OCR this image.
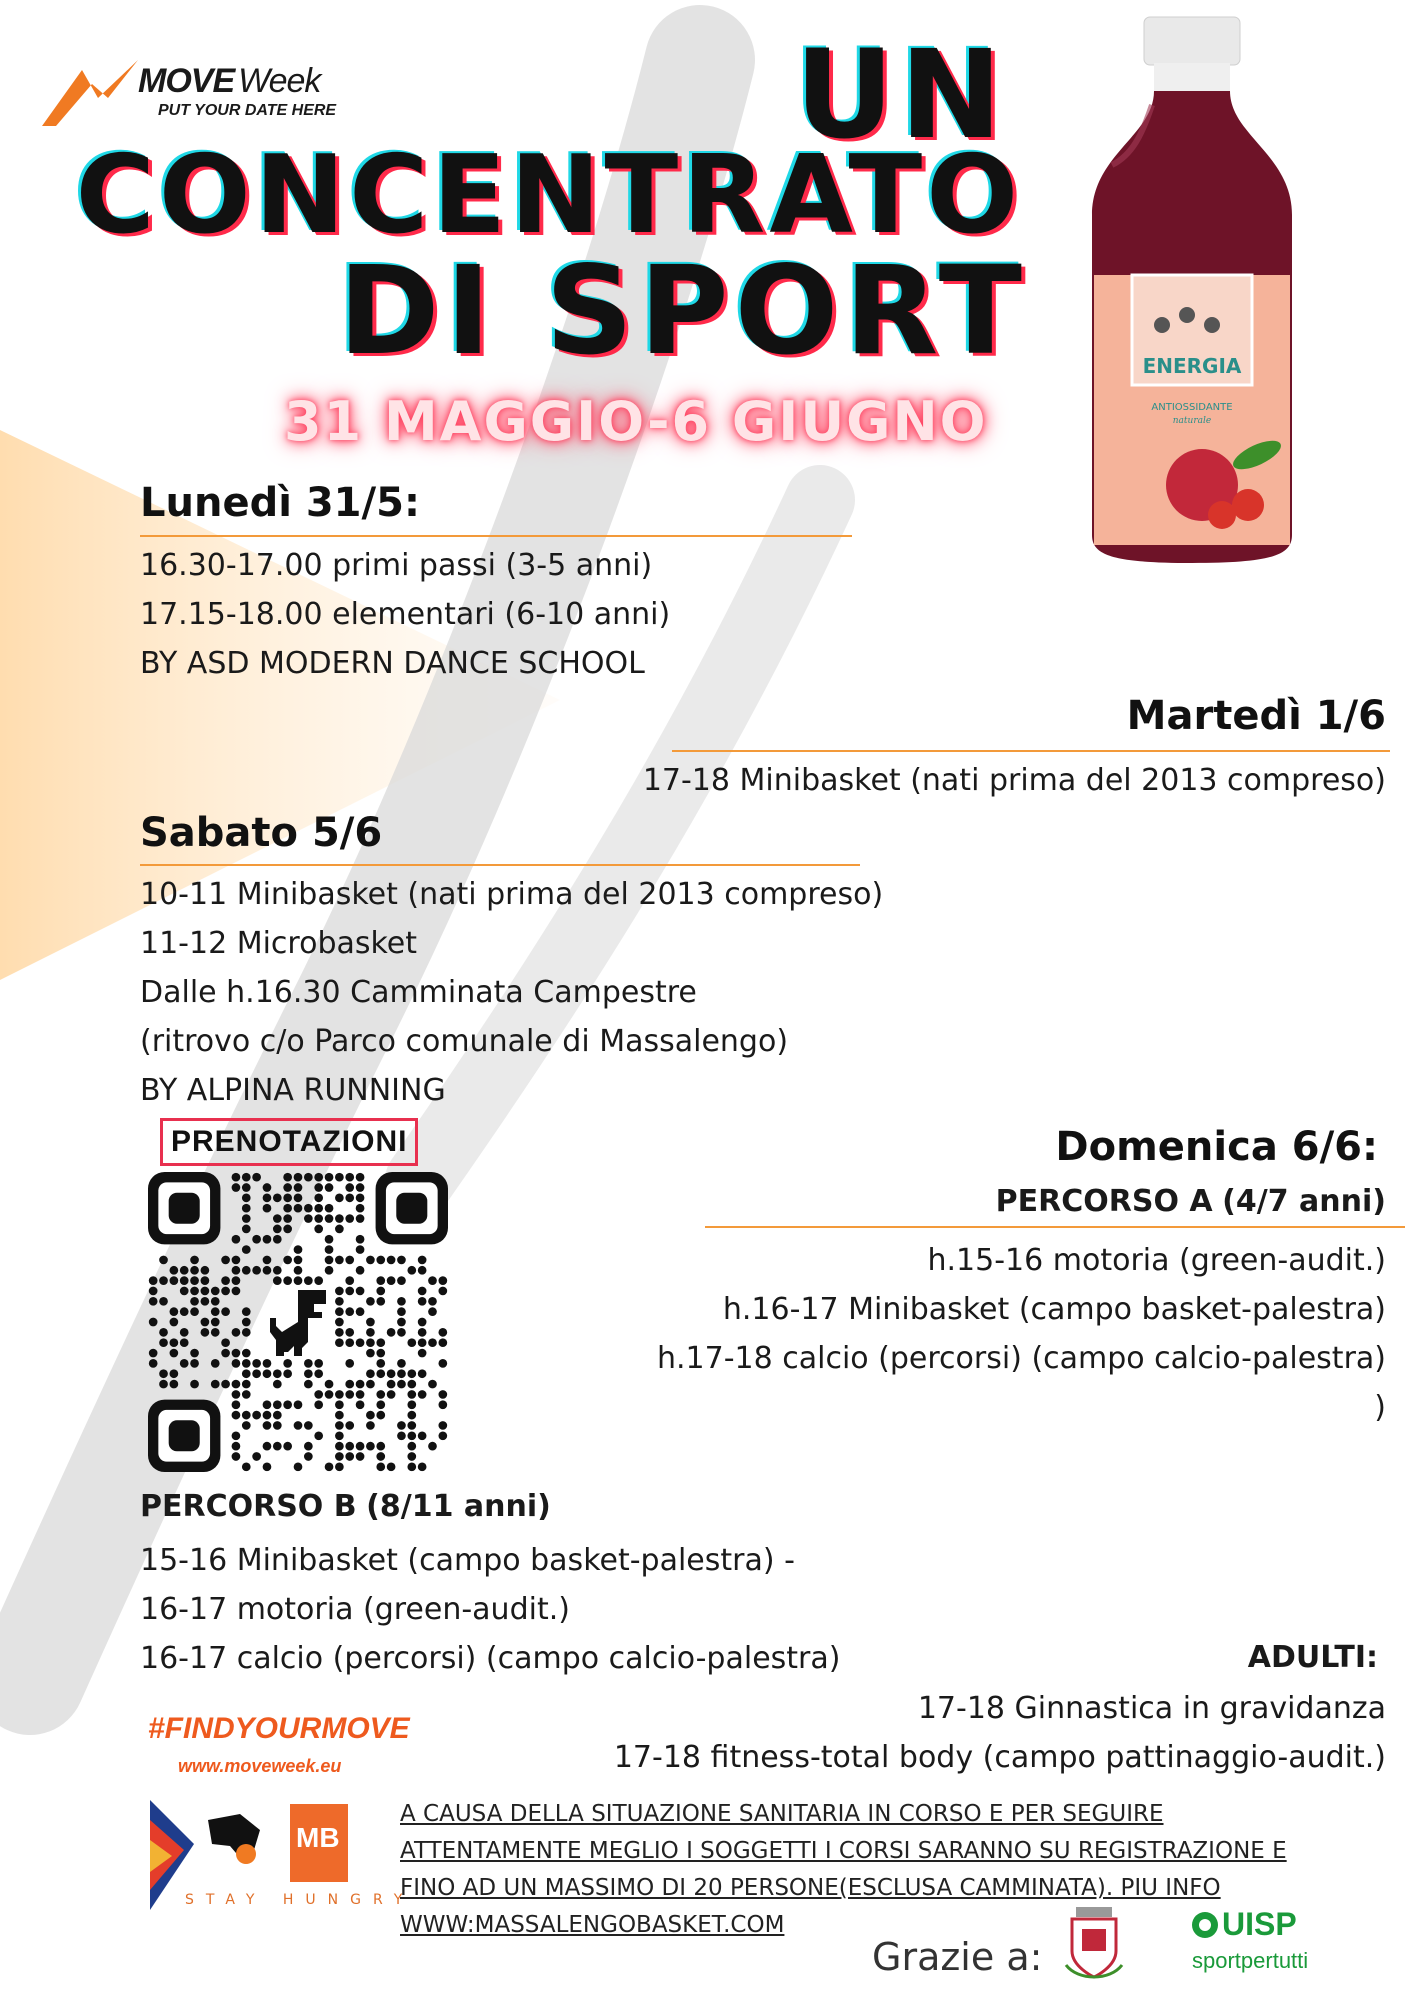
MOVE Week
PUT YOUR DATE HERE	UN
CONCENTRATO
DI SPORT
31 MAGGIO-6 GIUGNO
ENERGIA
ANTIOSSIDANTE
naturale
Lunedì 31/5:
16.30-17.00 primi passi (3-5 anni)
17.15-18.00 elementari (6-10 anni)
BY ASD MODERN DANCE SCHOOL
Martedì 1/6
17-18 Minibasket (nati prima del 2013 compreso)
Sabato 5/6
10-11 Minibasket (nati prima del 2013 compreso)
11-12 Microbasket
Dalle h.16.30 Camminata Campestre
(ritrovo c/o Parco comunale di Massalengo)
BY ALPINA RUNNING
PRENOTAZIONI	Domenica 6/6:
PERCORSO A (4/7 anni)
h.15-16 motoria (green-audit.)
h.16-17 Minibasket (campo basket-palestra)
h.17-18 calcio (percorsi) (campo calcio-palestra)
)
PERCORSO B (8/11 anni)
15-16 Minibasket (campo basket-palestra) -
16-17 motoria (green-audit.)
16-17 calcio (percorsi) (campo calcio-palestra)	ADULTI:
17-18 Ginnastica in gravidanza
17-18 fitness-total body (campo pattinaggio-audit.)
#FINDYOURMOVE
www.moveweek.eu
MB
STAY HUNGRY
A CAUSA DELLA SITUAZIONE SANITARIA IN CORSO E PER SEGUIRE
ATTENTAMENTE MEGLIO I SOGGETTI I CORSI SARANNO SU REGISTRAZIONE E
FINO AD UN MASSIMO DI 20 PERSONE(ESCLUSA CAMMINATA). PIU INFO
WWW:MASSALENGOBASKET.COM
Grazie a:
UISP
sportpertutti
